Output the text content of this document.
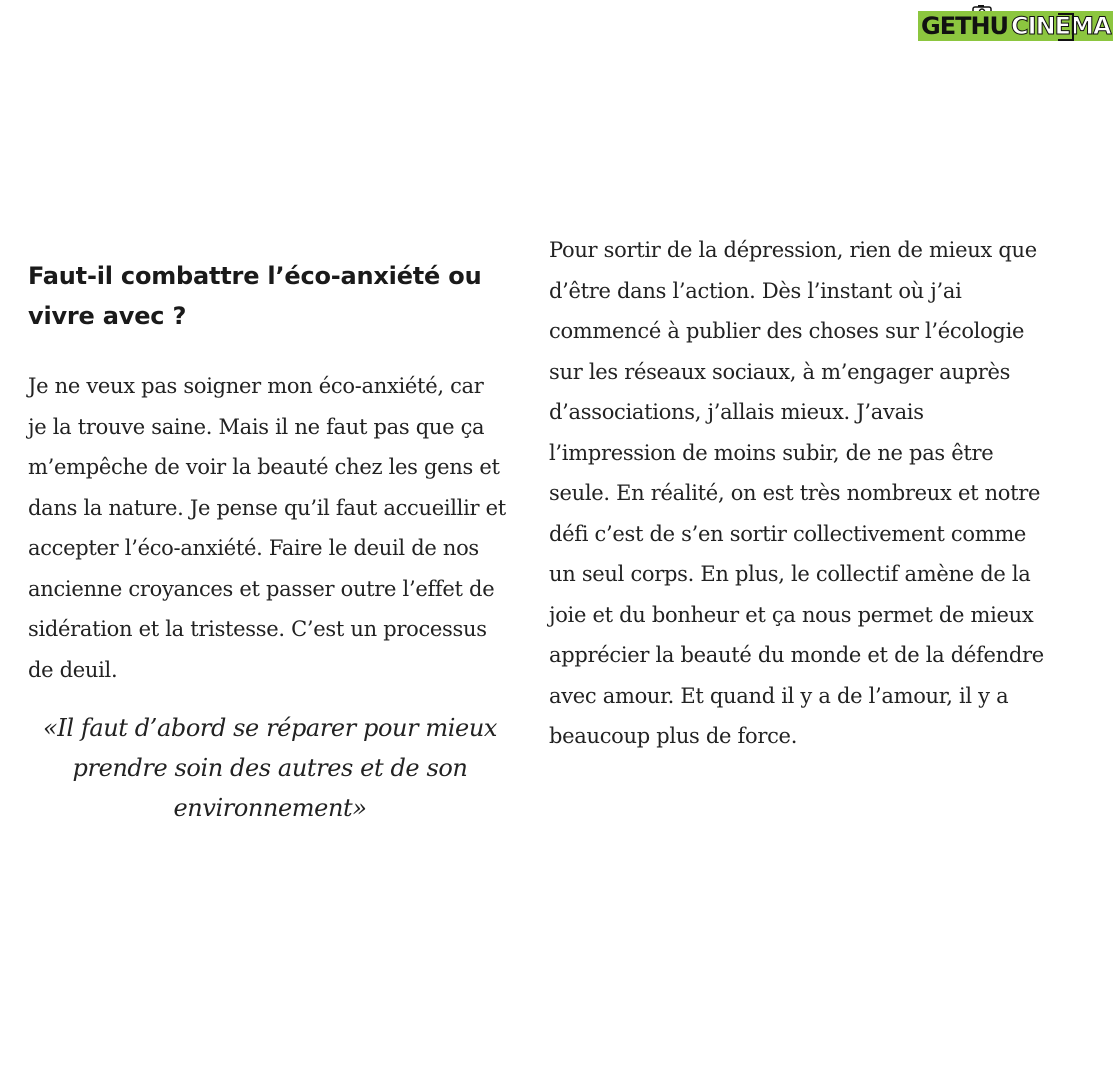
GETHU CINEMA
Faut-il combattre l’éco-anxiété ou vivre avec ?

Je ne veux pas soigner mon éco-anxiété, car je la trouve saine. Mais il ne faut pas que ça m’empêche de voir la beauté chez les gens et dans la nature. Je pense qu’il faut accueillir et accepter l’éco-anxiété. Faire le deuil de nos ancienne croyances et passer outre l’effet de sidération et la tristesse. C’est un processus de deuil.

«Il faut d’abord se réparer pour mieux prendre soin des autres et de son environnement»

Pour sortir de la dépression, rien de mieux que d’être dans l’action. Dès l’instant où j’ai commencé à publier des choses sur l’écologie sur les réseaux sociaux, à m’engager auprès d’associations, j’allais mieux. J’avais l’impression de moins subir, de ne pas être seule. En réalité, on est très nombreux et notre défi c’est de s’en sortir collectivement comme un seul corps. En plus, le collectif amène de la joie et du bonheur et ça nous permet de mieux apprécier la beauté du monde et de la défendre avec amour. Et quand il y a de l’amour, il y a beaucoup plus de force.
